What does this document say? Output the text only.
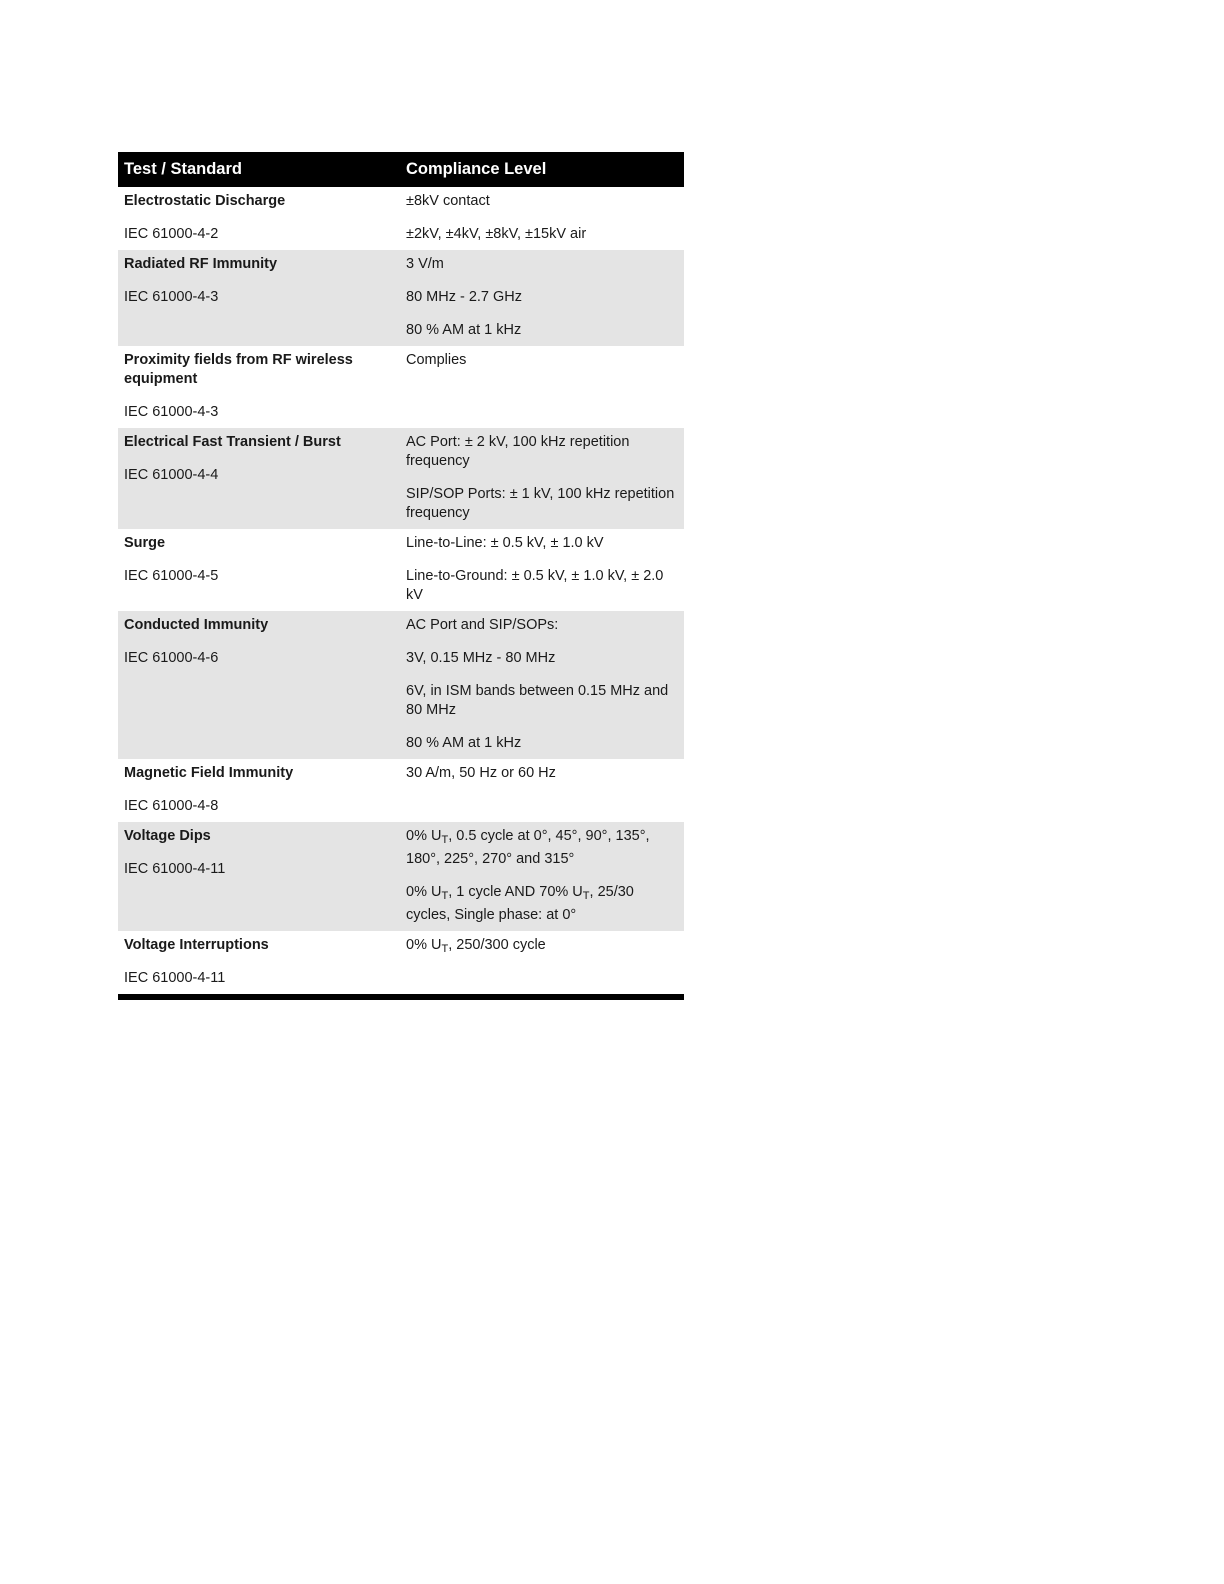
Test / Standard	Compliance Level

Electrostatic Discharge

IEC 61000-4-2

±8kV contact

±2kV, ±4kV, ±8kV, ±15kV air

Radiated RF Immunity

IEC 61000-4-3

3 V/m

80 MHz - 2.7 GHz

80 % AM at 1 kHz

Proximity fields from RF wireless equipment

IEC 61000-4-3

Complies

Electrical Fast Transient / Burst

IEC 61000-4-4

AC Port: ± 2 kV, 100 kHz repetition frequency

SIP/SOP Ports: ± 1 kV, 100 kHz repetition frequency

Surge

IEC 61000-4-5

Line-to-Line: ± 0.5 kV, ± 1.0 kV

Line-to-Ground: ± 0.5 kV, ± 1.0 kV, ± 2.0 kV

Conducted Immunity

IEC 61000-4-6

AC Port and SIP/SOPs:

3V, 0.15 MHz - 80 MHz

6V, in ISM bands between 0.15 MHz and 80 MHz

80 % AM at 1 kHz

Magnetic Field Immunity

IEC 61000-4-8

30 A/m, 50 Hz or 60 Hz

Voltage Dips

IEC 61000-4-11

0% $U_T$, 0.5 cycle at 0°, 45°, 90°, 135°, 180°, 225°, 270° and 315°

0% $U_T$, 1 cycle AND 70% $U_T$, 25/30 cycles, Single phase: at 0°

Voltage Interruptions

IEC 61000-4-11

0% $U_T$, 250/300 cycle
